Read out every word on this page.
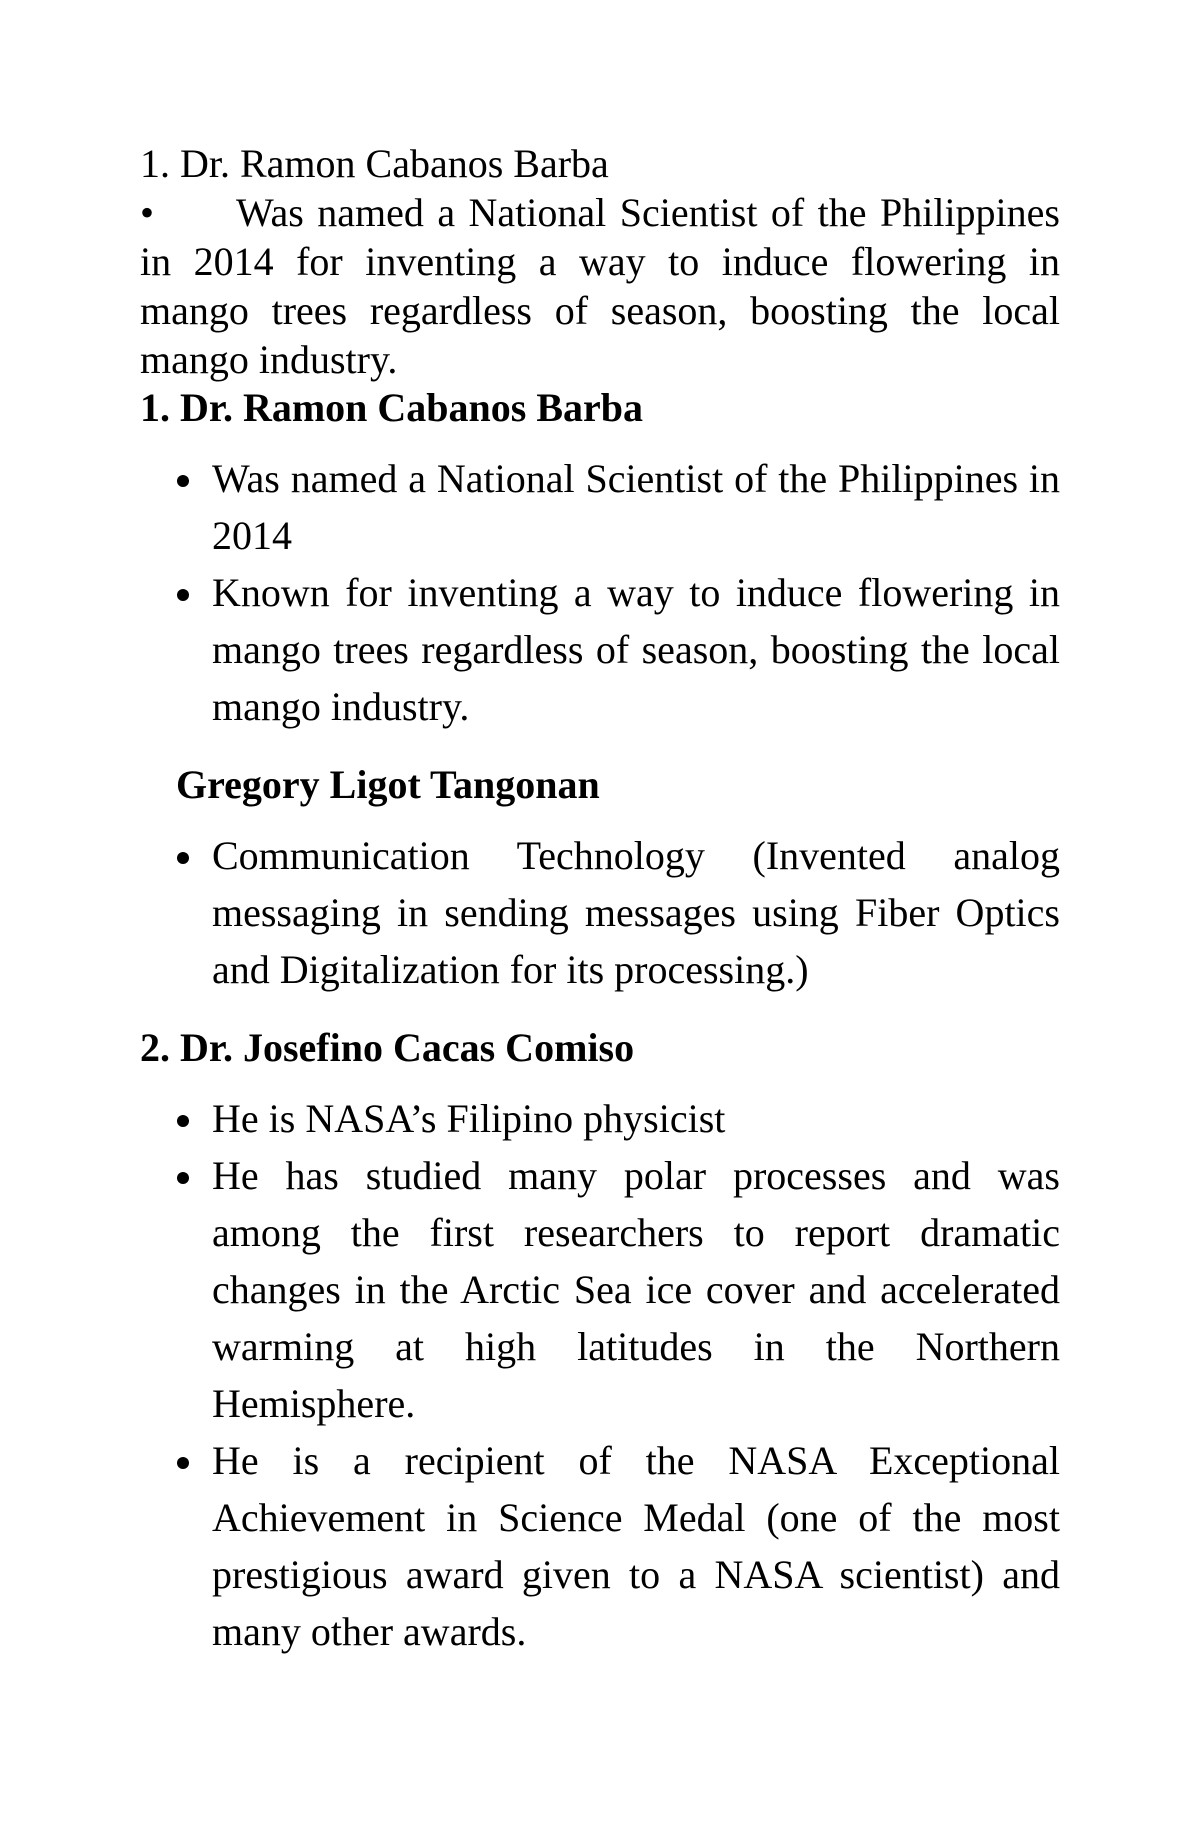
1. Dr. Ramon Cabanos Barba

• Was named a National Scientist of the Philippines in 2014 for inventing a way to induce flowering in mango trees regardless of season, boosting the local mango industry.

1. Dr. Ramon Cabanos Barba

Was named a National Scientist of the Philippines in 2014
Known for inventing a way to induce flowering in mango trees regardless of season, boosting the local mango industry.

Gregory Ligot Tangonan

Communication Technology (Invented analog messaging in sending messages using Fiber Optics and Digitalization for its processing.)

2. Dr. Josefino Cacas Comiso

He is NASA’s Filipino physicist
He has studied many polar processes and was among the first researchers to report dramatic changes in the Arctic Sea ice cover and accelerated warming at high latitudes in the Northern Hemisphere.
He is a recipient of the NASA Exceptional Achievement in Science Medal (one of the most prestigious award given to a NASA scientist) and many other awards.
